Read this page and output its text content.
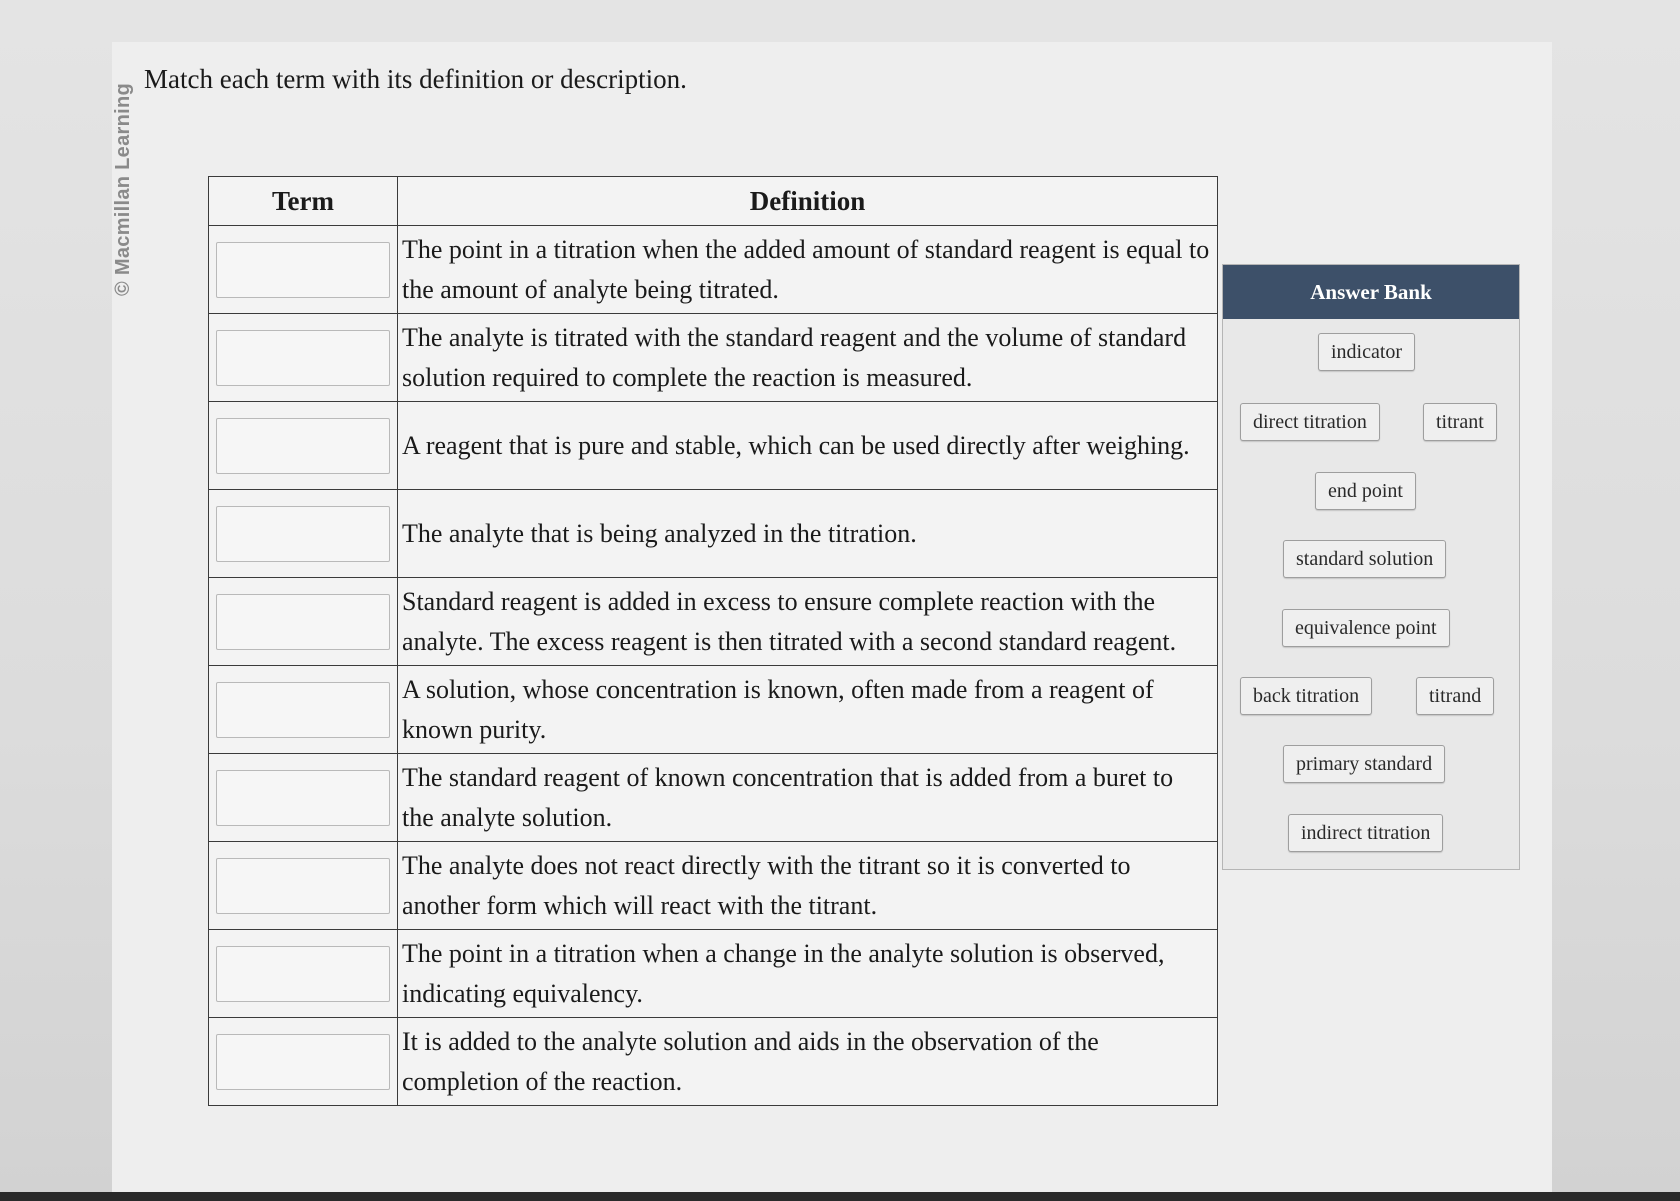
© Macmillan Learning
Match each term with its definition or description.
Term	Definition
	The point in a titration when the added amount of standard reagent is equal to the amount of analyte being titrated.
	The analyte is titrated with the standard reagent and the volume of standard solution required to complete the reaction is measured.
	A reagent that is pure and stable, which can be used directly after weighing.
	The analyte that is being analyzed in the titration.
	Standard reagent is added in excess to ensure complete reaction with the analyte. The excess reagent is then titrated with a second standard reagent.
	A solution, whose concentration is known, often made from a reagent of known purity.
	The standard reagent of known concentration that is added from a buret to the analyte solution.
	The analyte does not react directly with the titrant so it is converted to another form which will react with the titrant.
	The point in a titration when a change in the analyte solution is observed, indicating equivalency.
	It is added to the analyte solution and aids in the observation of the completion of the reaction.
Answer Bank
indicator
direct titration	titrant
end point
standard solution
equivalence point
back titration	titrand
primary standard
indirect titration
